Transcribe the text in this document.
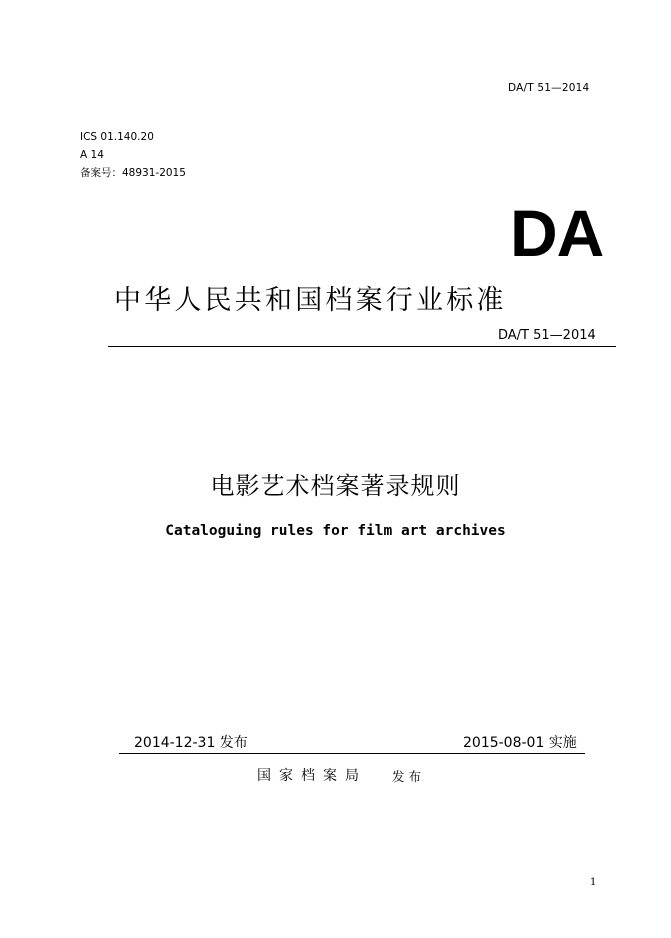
DA/T 51—2014
ICS 01.140.20
A 14
备案号：48931-2015
DA
中华人民共和国档案行业标准
DA/T 51—2014
电影艺术档案著录规则
Cataloguing rules for film art archives
2014-12-31 发布	2015-08-01 实施
国家档案局 发布
1
